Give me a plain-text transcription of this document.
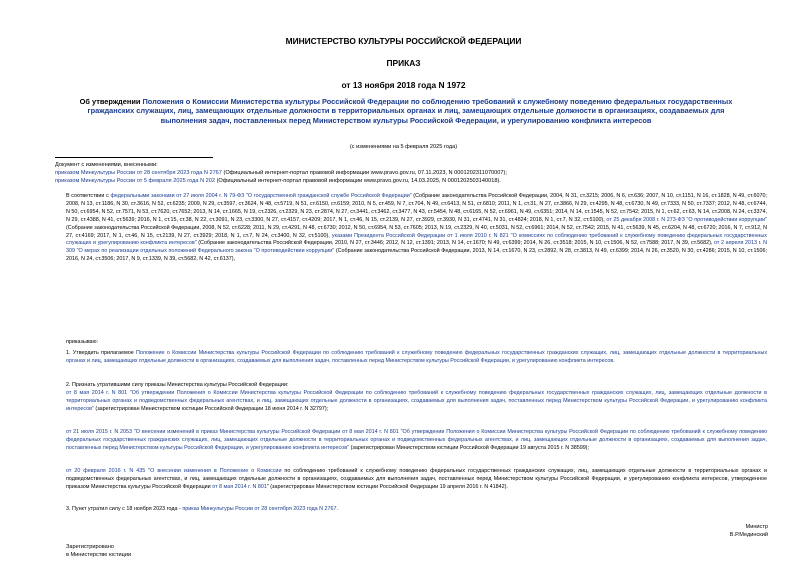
МИНИСТЕРСТВО КУЛЬТУРЫ РОССИЙСКОЙ ФЕДЕРАЦИИ
ПРИКАЗ
от 13 ноября 2018 года N 1972
Об утверждении Положения о Комиссии Министерства культуры Российской Федерации по соблюдению требований к служебному поведению федеральных государственных гражданских служащих, лиц, замещающих отдельные должности в территориальных органах и лиц, замещающих отдельные должности в организациях, создаваемых для выполнения задач, поставленных перед Министерством культуры Российской Федерации, и урегулированию конфликта интересов
(с изменениями на 5 февраля 2025 года)
Документ с изменениями, внесенными:
приказом Минкультуры России от 28 сентября 2023 года N 2767 (Официальный интернет-портал правовой информации www.pravo.gov.ru, 07.11.2023, N 0001202311070007);
приказом Минкультуры России от 5 февраля 2025 года N 202 (Официальный интернет-портал правовой информации www.pravo.gov.ru, 14.03.2025, N 0001202503140018).
В соответствии с федеральными законами от 27 июля 2004 г. N 79-ФЗ "О государственной гражданской службе Российской Федерации" (Собрание законодательства Российской Федерации, 2004, N 31, ст.3215; 2006, N 6, ст.636; 2007, N 10, ст.1151, N 16, ст.1828, N 49, ст.6070; 2008, N 13, ст.1186, N 30, ст.3616, N 52, ст.6235; 2009, N 29, ст.3597, ст.3624, N 48, ст.5719, N 51, ст.6150, ст.6159; 2010, N 5, ст.459, N 7, ст.704, N 49, ст.6413, N 51, ст.6810; 2011, N 1, ст.31, N 27, ст.3866, N 29, ст.4295, N 48, ст.6730, N 49, ст.7333, N 50, ст.7337; 2012, N 48, ст.6744, N 50, ст.6954, N 52, ст.7571, N 53, ст.7620, ст.7652; 2013, N 14, ст.1665, N 19, ст.2326, ст.2329, N 23, ст.2874, N 27, ст.3441, ст.3462, ст.3477, N 43, ст.5454, N 48, ст.6165, N 52, ст.6961, N 49, ст.6351; 2014, N 14, ст.1545, N 52, ст.7542; 2015, N 1, ст.62, ст.63, N 14, ст.2008, N 24, ст.3374, N 29, ст.4388, N 41, ст.5639; 2016, N 1, ст.15, ст.38, N 22, ст.3091, N 23, ст.3300, N 27, ст.4157, ст.4209; 2017, N 1, ст.46, N 15, ст.2139, N 27, ст.3929, ст.3930, N 31, ст.4741, N 31, ст.4824; 2018, N 1, ст.7, N 32, ст.5100), от 25 декабря 2008 г. N 273-ФЗ "О противодействии коррупции" (Собрание законодательства Российской Федерации, 2008, N 52, ст.6228; 2011, N 29, ст.4291, N 48, ст.6730; 2012, N 50, ст.6954, N 53, ст.7605; 2013, N 19, ст.2329, N 40, ст.5031, N 52, ст.6961; 2014, N 52, ст.7542; 2015, N 41, ст.5639, N 45, ст.6204, N 48, ст.6720; 2016, N 7, ст.912, N 27, ст.4169; 2017, N 1, ст.46, N 15, ст.2139, N 27, ст.3929; 2018, N 1, ст.7, N 24, ст.3400, N 32, ст.5100), указами Президента Российской Федерации от 1 июля 2010 г. N 821 "О комиссиях по соблюдению требований к служебному поведению федеральных государственных служащих и урегулированию конфликта интересов" (Собрание законодательства Российской Федерации, 2010, N 27, ст.3446; 2012, N 12, ст.1391; 2013, N 14, ст.1670; N 49, ст.6399; 2014, N 26, ст.3518; 2015, N 10, ст.1506, N 52, ст.7588; 2017, N 39, ст.5682), от 2 апреля 2013 г. N 309 "О мерах по реализации отдельных положений Федерального закона "О противодействии коррупции" (Собрание законодательства Российской Федерации, 2013, N 14, ст.1670, N 23, ст.2892, N 28, ст.3813, N 49, ст.6399; 2014, N 26, ст.3520, N 30, ст.4286; 2015, N 10, ст.1506; 2016, N 24, ст.3506; 2017, N 9, ст.1339, N 39, ст.5682, N 42, ст.6137),
приказываю:
1. Утвердить прилагаемое Положение о Комиссии Министерства культуры Российской Федерации по соблюдению требований к служебному поведению федеральных государственных гражданских служащих, лиц, замещающих отдельные должности в территориальных органах и лиц, замещающих отдельные должности в организациях, создаваемых для выполнения задач, поставленных перед Министерством культуры Российской Федерации, и урегулированию конфликта интересов.
2. Признать утратившими силу приказы Министерства культуры Российской Федерации:
от 8 мая 2014 г. N 801 "Об утверждении Положения о Комиссии Министерства культуры Российской Федерации по соблюдению требований к служебному поведению федеральных государственных гражданских служащих, лиц, замещающих отдельные должности в территориальных органах и подведомственных федеральных агентствах, и лиц, замещающих отдельные должности в организациях, создаваемых для выполнения задач, поставленных перед Министерством культуры Российской Федерации, и урегулированию конфликта интересов" (зарегистрирован Министерством юстиции Российской Федерации 18 июня 2014 г. N 32797);
от 21 июля 2015 г. N 2053 "О внесении изменений в приказ Министерства культуры Российской Федерации от 8 мая 2014 г. N 801 "Об утверждении Положения о Комиссии Министерства культуры Российской Федерации по соблюдению требований к служебному поведению федеральных государственных гражданских служащих, лиц, замещающих отдельные должности в территориальных органах и подведомственных федеральных агентствах, и лиц, замещающих отдельные должности в организациях, создаваемых для выполнения задач, поставленных перед Министерством культуры Российской Федерации, и урегулированию конфликта интересов" (зарегистрирован Министерством юстиции Российской Федерации 19 августа 2015 г. N 38599);
от 20 февраля 2016 г. N 435 "О внесении изменения в Положение о Комиссии по соблюдению требований к служебному поведению федеральных государственных гражданских служащих, лиц, замещающих отдельные должности в территориальных органах и подведомственных федеральных агентствах, и лиц, замещающих отдельные должности в организациях, создаваемых для выполнения задач, поставленных перед Министерством культуры Российской Федерации, и урегулированию конфликта интересов, утвержденное приказом Министерства культуры Российской Федерации от 8 мая 2014 г. N 801" (зарегистрирован Министерством юстиции Российской Федерации 19 апреля 2016 г. N 41842).
3. Пункт утратил силу с 18 ноября 2023 года - приказ Минкультуры России от 28 сентября 2023 года N 2767.
Министр
В.Р.Мединский
Зарегистрировано
в Министерстве юстиции
